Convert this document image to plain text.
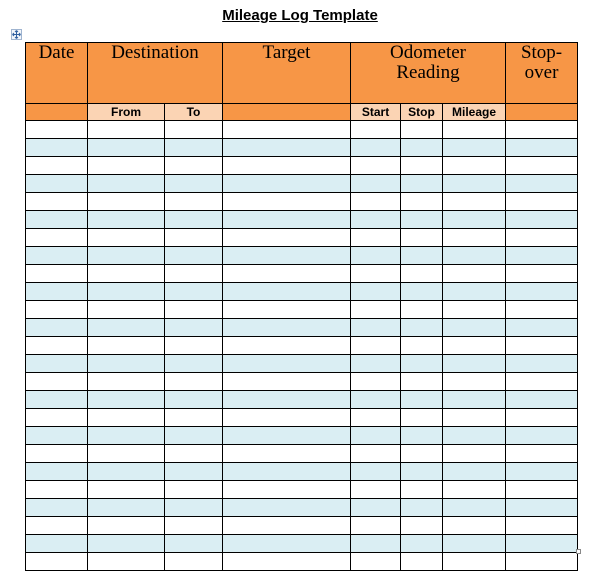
Mileage Log Template
Date	Destination		Target	Odometer Reading			Stop-over

	From	To		Start	Stop	Mileage	
